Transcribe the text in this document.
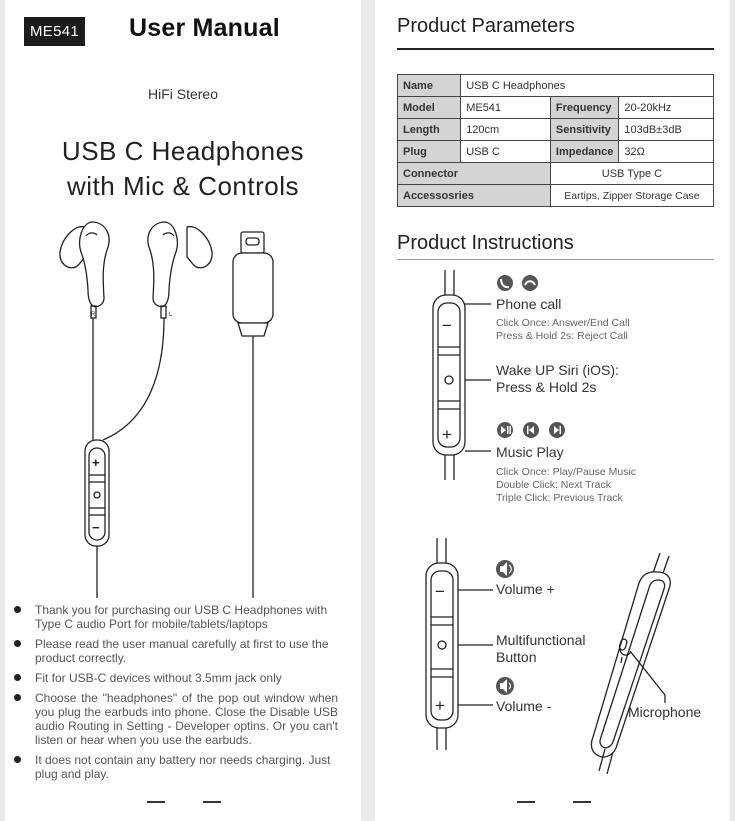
ME541 User Manual
HiFi Stereo
USB C Headphones
with Mic & Controls
R	L
+
−
Thank you for purchasing our USB C Headphones with Type C audio Port for mobile/tablets/laptops
Please read the user manual carefully at first to use the product correctly.
Fit for USB-C devices without 3.5mm jack only
Choose the "headphones" of the pop out window when you plug the earbuds into phone. Close the Disable USB audio Routing in Setting - Developer optins. Or you can't listen or hear when you use the earbuds.
It does not contain any battery nor needs charging. Just plug and play.
Product Parameters
Name	USB C Headphones		
Model	ME541	Frequency	20-20kHz
Length	120cm	Sensitivity	103dB±3dB
Plug	USB C	Impedance	32Ω
Connector		USB Type C	
Accessosries		Eartips, Zipper Storage Case	
Product Instructions
−
+
Phone call
Click Once: Answer/End Call
Press & Hold 2s: Reject Call
Wake UP Siri (iOS):
Press & Hold 2s
Music Play
Click Once: Play/Pause Music
Double Click: Next Track
Triple Click: Previous Track
−
+
Volume +
Multifunctional
Button
Volume -	Microphone
